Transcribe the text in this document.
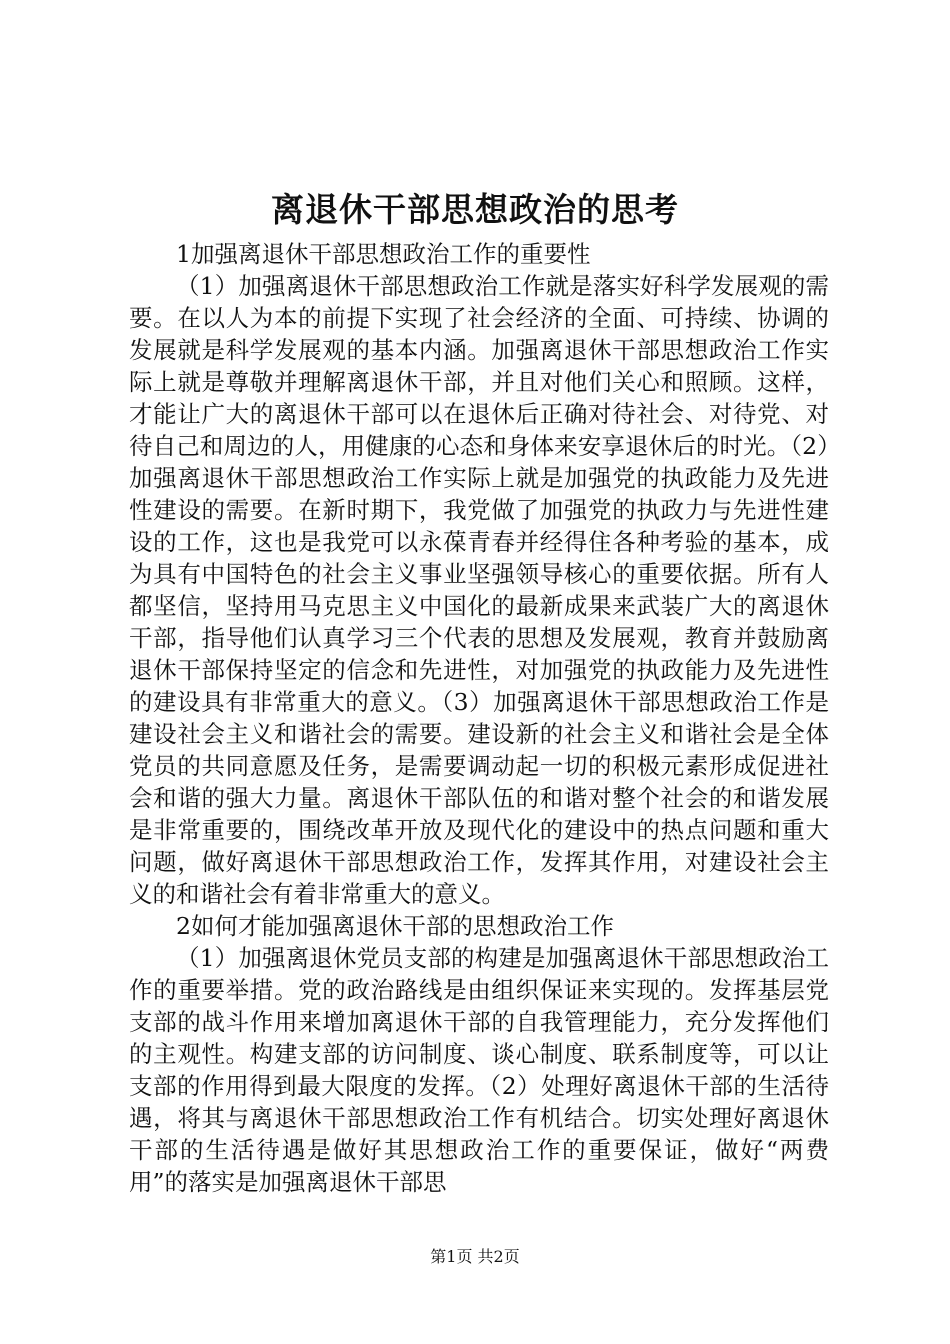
离退休干部思想政治的思考

1加强离退休干部思想政治工作的重要性

（1）加强离退休干部思想政治工作就是落实好科学发展观的需要。在以人为本的前提下实现了社会经济的全面、可持续、协调的发展就是科学发展观的基本内涵。加强离退休干部思想政治工作实际上就是尊敬并理解离退休干部，并且对他们关心和照顾。这样，才能让广大的离退休干部可以在退休后正确对待社会、对待党、对待自己和周边的人，用健康的心态和身体来安享退休后的时光。（2）加强离退休干部思想政治工作实际上就是加强党的执政能力及先进性建设的需要。在新时期下，我党做了加强党的执政力与先进性建设的工作，这也是我党可以永葆青春并经得住各种考验的基本，成为具有中国特色的社会主义事业坚强领导核心的重要依据。所有人都坚信，坚持用马克思主义中国化的最新成果来武装广大的离退休干部，指导他们认真学习三个代表的思想及发展观，教育并鼓励离退休干部保持坚定的信念和先进性，对加强党的执政能力及先进性的建设具有非常重大的意义。（3）加强离退休干部思想政治工作是建设社会主义和谐社会的需要。建设新的社会主义和谐社会是全体党员的共同意愿及任务，是需要调动起一切的积极元素形成促进社会和谐的强大力量。离退休干部队伍的和谐对整个社会的和谐发展是非常重要的，围绕改革开放及现代化的建设中的热点问题和重大问题，做好离退休干部思想政治工作，发挥其作用，对建设社会主义的和谐社会有着非常重大的意义。

2如何才能加强离退休干部的思想政治工作

（1）加强离退休党员支部的构建是加强离退休干部思想政治工作的重要举措。党的政治路线是由组织保证来实现的。发挥基层党支部的战斗作用来增加离退休干部的自我管理能力，充分发挥他们的主观性。构建支部的访问制度、谈心制度、联系制度等，可以让支部的作用得到最大限度的发挥。（2）处理好离退休干部的生活待遇，将其与离退休干部思想政治工作有机结合。切实处理好离退休干部的生活待遇是做好其思想政治工作的重要保证，做好“两费用”的落实是加强离退休干部思

第1页 共2页
